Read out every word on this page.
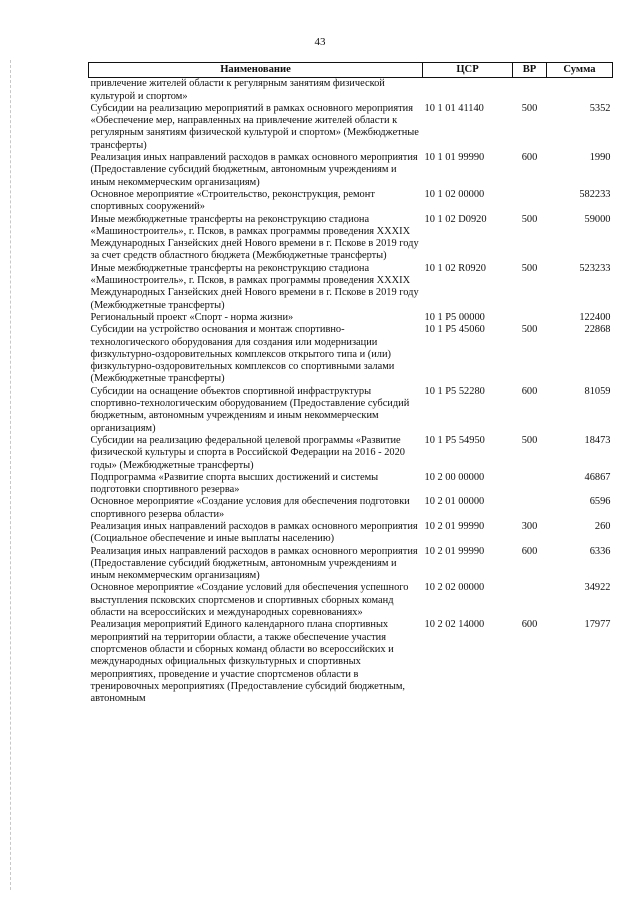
43
Наименование	ЦСР	ВР	Сумма
привлечение жителей области к регулярным занятиям физической культурой и спортом»			
Субсидии на реализацию мероприятий в рамках основного мероприятия «Обеспечение мер, направленных на привлечение жителей области к регулярным занятиям физической культурой и спортом» (Межбюджетные трансферты)	10 1 01 41140	500	5352
Реализация иных направлений расходов в рамках основного мероприятия (Предоставление субсидий бюджетным, автономным учреждениям и иным некоммерческим организациям)	10 1 01 99990	600	1990
Основное мероприятие «Строительство, реконструкция, ремонт спортивных сооружений»	10 1 02 00000		582233
Иные межбюджетные трансферты на реконструкцию стадиона «Машиностроитель», г. Псков, в рамках программы проведения XXXIX Международных Ганзейских дней Нового времени в г. Пскове в 2019 году за счет средств областного бюджета (Межбюджетные трансферты)	10 1 02 D0920	500	59000
Иные межбюджетные трансферты на реконструкцию стадиона «Машиностроитель», г. Псков, в рамках программы проведения XXXIX Международных Ганзейских дней Нового времени в г. Пскове в 2019 году (Межбюджетные трансферты)	10 1 02 R0920	500	523233
Региональный проект «Спорт - норма жизни»	10 1 P5 00000		122400
Субсидии на устройство основания и монтаж спортивно-технологического оборудования для создания или модернизации физкультурно-оздоровительных комплексов открытого типа и (или) физкультурно-оздоровительных комплексов со спортивными залами (Межбюджетные трансферты)	10 1 P5 45060	500	22868
Субсидии на оснащение объектов спортивной инфраструктуры спортивно-технологическим оборудованием (Предоставление субсидий бюджетным, автономным учреждениям и иным некоммерческим организациям)	10 1 P5 52280	600	81059
Субсидии на реализацию федеральной целевой программы «Развитие физической культуры и спорта в Российской Федерации на 2016 - 2020 годы» (Межбюджетные трансферты)	10 1 P5 54950	500	18473
Подпрограмма «Развитие спорта высших достижений и системы подготовки спортивного резерва»	10 2 00 00000		46867
Основное мероприятие «Создание условия для обеспечения подготовки спортивного резерва области»	10 2 01 00000		6596
Реализация иных направлений расходов в рамках основного мероприятия (Социальное обеспечение и иные выплаты населению)	10 2 01 99990	300	260
Реализация иных направлений расходов в рамках основного мероприятия (Предоставление субсидий бюджетным, автономным учреждениям и иным некоммерческим организациям)	10 2 01 99990	600	6336
Основное мероприятие «Создание условий для обеспечения успешного выступления псковских спортсменов и спортивных сборных команд области на всероссийских и международных соревнованиях»	10 2 02 00000		34922
Реализация мероприятий Единого календарного плана спортивных мероприятий на территории области, а также обеспечение участия спортсменов области и сборных команд области во всероссийских и международных официальных физкультурных и спортивных мероприятиях, проведение и участие спортсменов области в тренировочных мероприятиях (Предоставление субсидий бюджетным, автономным	10 2 02 14000	600	17977
